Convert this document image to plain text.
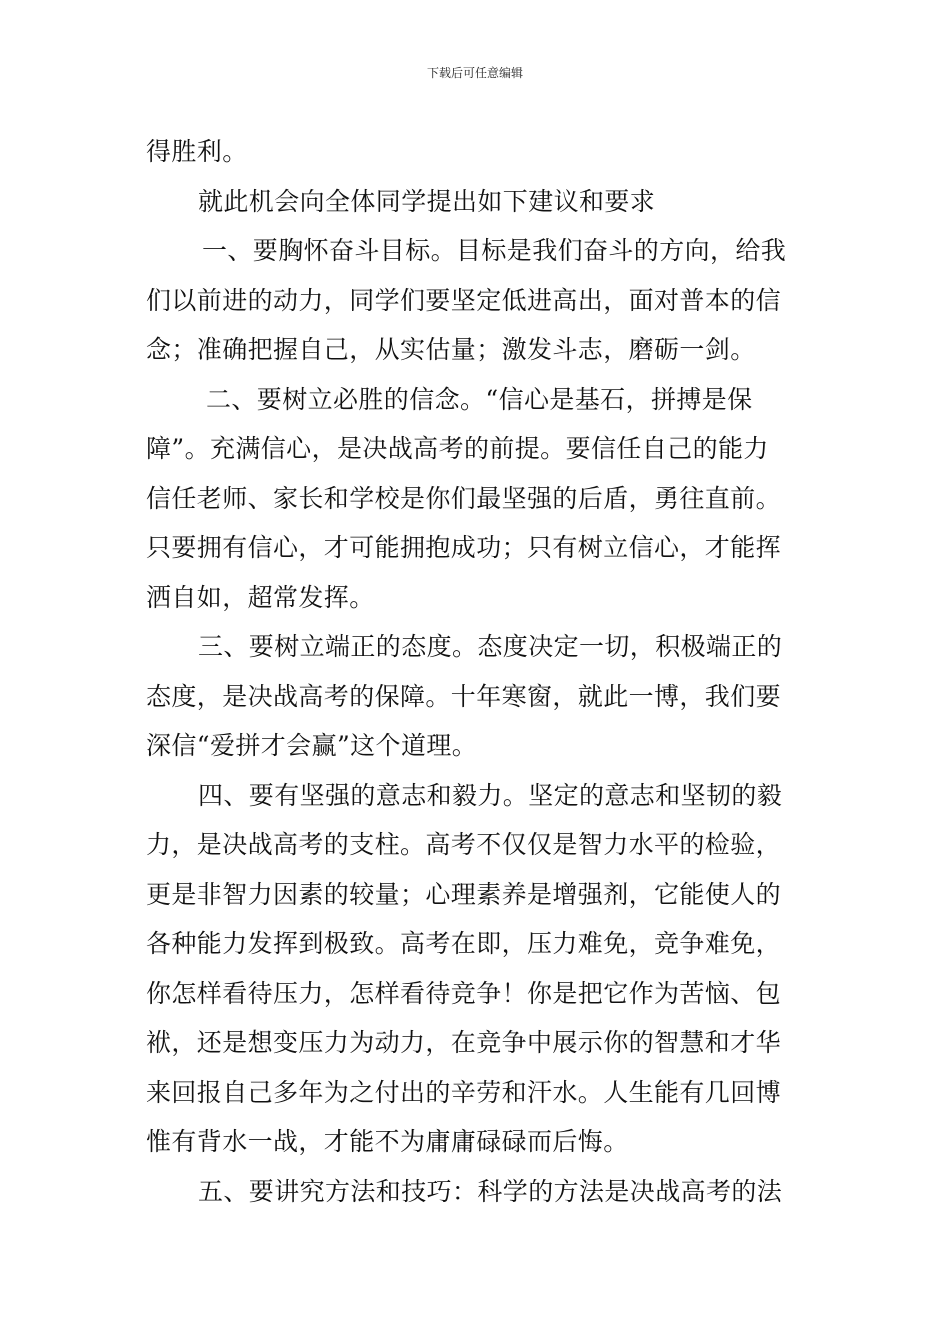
下载后可任意编辑
得胜利。
就此机会向全体同学提出如下建议和要求
一、要胸怀奋斗目标。目标是我们奋斗的方向，给我
们以前进的动力，同学们要坚定低进高出，面对普本的信
念；准确把握自己，从实估量；激发斗志，磨砺一剑。
二、要树立必胜的信念。“信心是基石，拼搏是保
障”。充满信心，是决战高考的前提。要信任自己的能力
信任老师、家长和学校是你们最坚强的后盾，勇往直前。
只要拥有信心，才可能拥抱成功；只有树立信心，才能挥
洒自如，超常发挥。
三、要树立端正的态度。态度决定一切，积极端正的
态度，是决战高考的保障。十年寒窗，就此一博，我们要
深信“爱拼才会赢”这个道理。
四、要有坚强的意志和毅力。坚定的意志和坚韧的毅
力，是决战高考的支柱。高考不仅仅是智力水平的检验，
更是非智力因素的较量；心理素养是增强剂，它能使人的
各种能力发挥到极致。高考在即，压力难免，竞争难免，
你怎样看待压力，怎样看待竞争！你是把它作为苦恼、包
袱，还是想变压力为动力，在竞争中展示你的智慧和才华
来回报自己多年为之付出的辛劳和汗水。人生能有几回博
惟有背水一战，才能不为庸庸碌碌而后悔。
五、要讲究方法和技巧：科学的方法是决战高考的法
